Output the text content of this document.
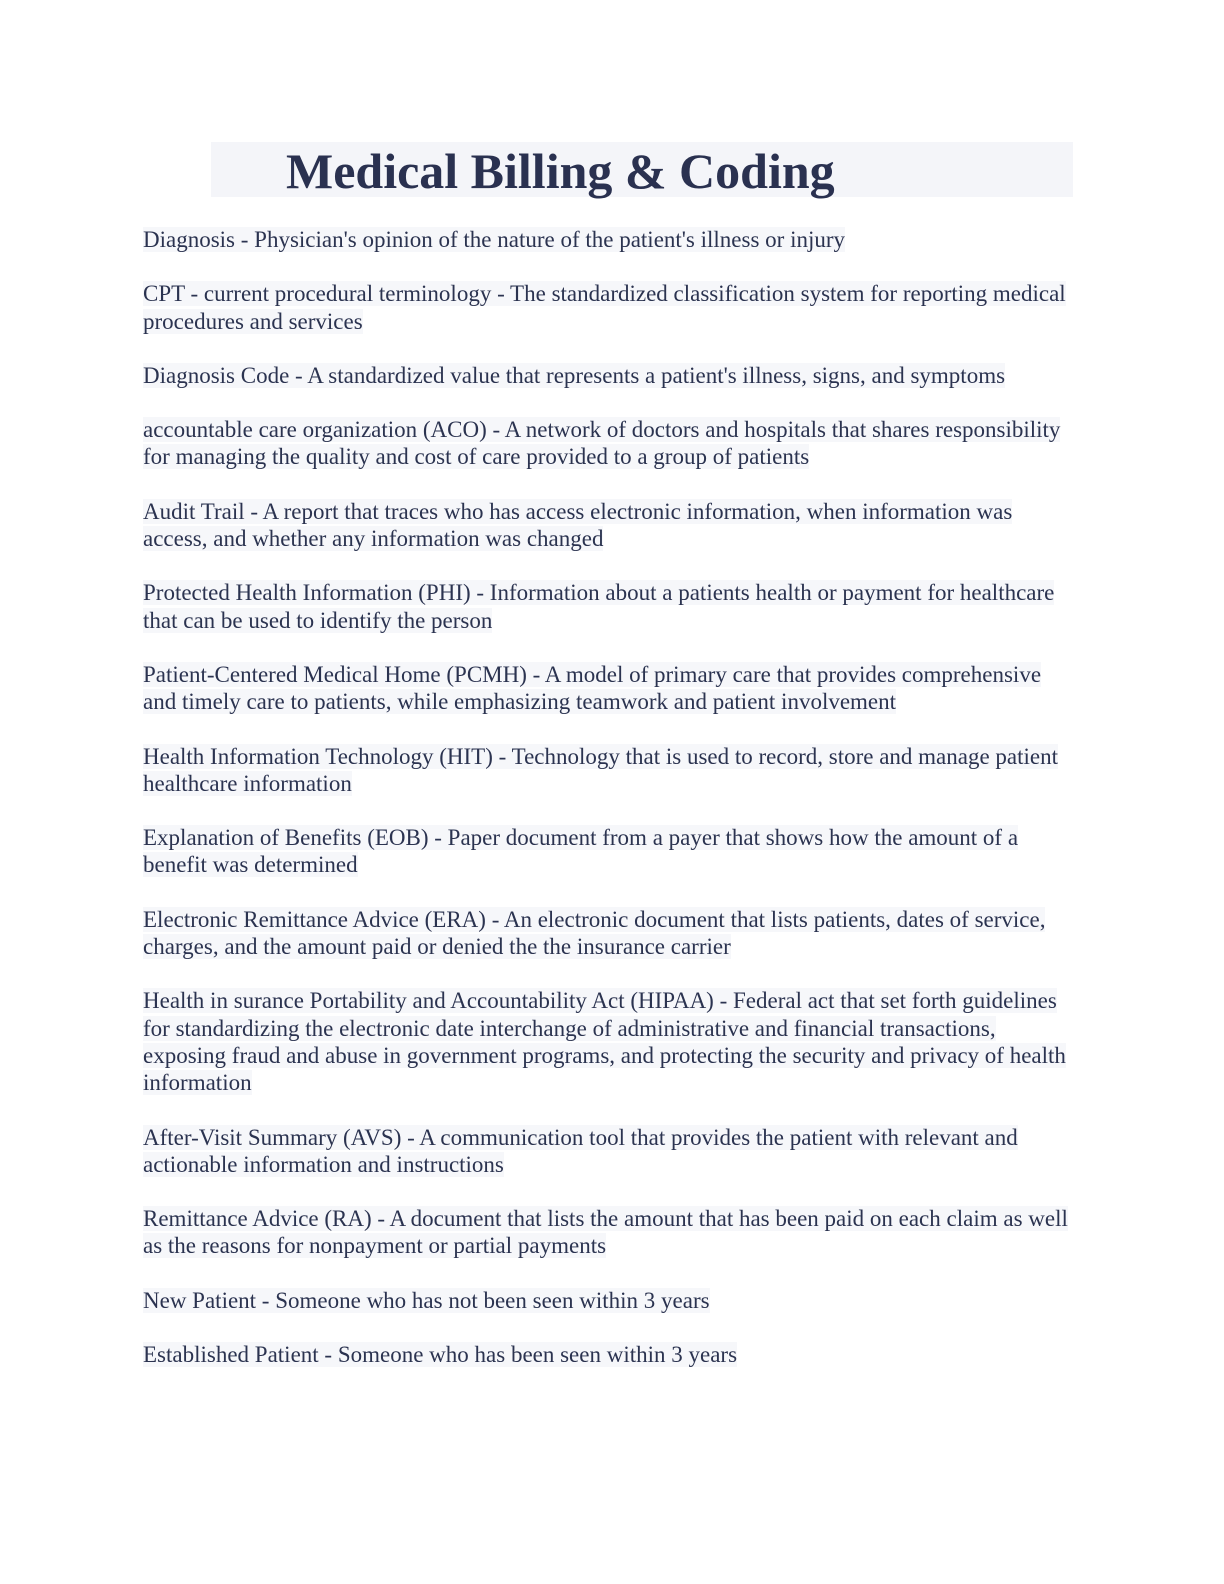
Medical Billing & Coding
Diagnosis - Physician's opinion of the nature of the patient's illness or injury
CPT - current procedural terminology - The standardized classification system for reporting medical procedures and services
Diagnosis Code - A standardized value that represents a patient's illness, signs, and symptoms
accountable care organization (ACO) - A network of doctors and hospitals that shares responsibility for managing the quality and cost of care provided to a group of patients
Audit Trail - A report that traces who has access electronic information, when information was access, and whether any information was changed
Protected Health Information (PHI) - Information about a patients health or payment for healthcare that can be used to identify the person
Patient-Centered Medical Home (PCMH) - A model of primary care that provides comprehensive and timely care to patients, while emphasizing teamwork and patient involvement
Health Information Technology (HIT) - Technology that is used to record, store and manage patient healthcare information
Explanation of Benefits (EOB) - Paper document from a payer that shows how the amount of a benefit was determined
Electronic Remittance Advice (ERA) - An electronic document that lists patients, dates of service, charges, and the amount paid or denied the the insurance carrier
Health in surance Portability and Accountability Act (HIPAA) - Federal act that set forth guidelines for standardizing the electronic date interchange of administrative and financial transactions, exposing fraud and abuse in government programs, and protecting the security and privacy of health information
After-Visit Summary (AVS) - A communication tool that provides the patient with relevant and actionable information and instructions
Remittance Advice (RA) - A document that lists the amount that has been paid on each claim as well as the reasons for nonpayment or partial payments
New Patient - Someone who has not been seen within 3 years
Established Patient - Someone who has been seen within 3 years
